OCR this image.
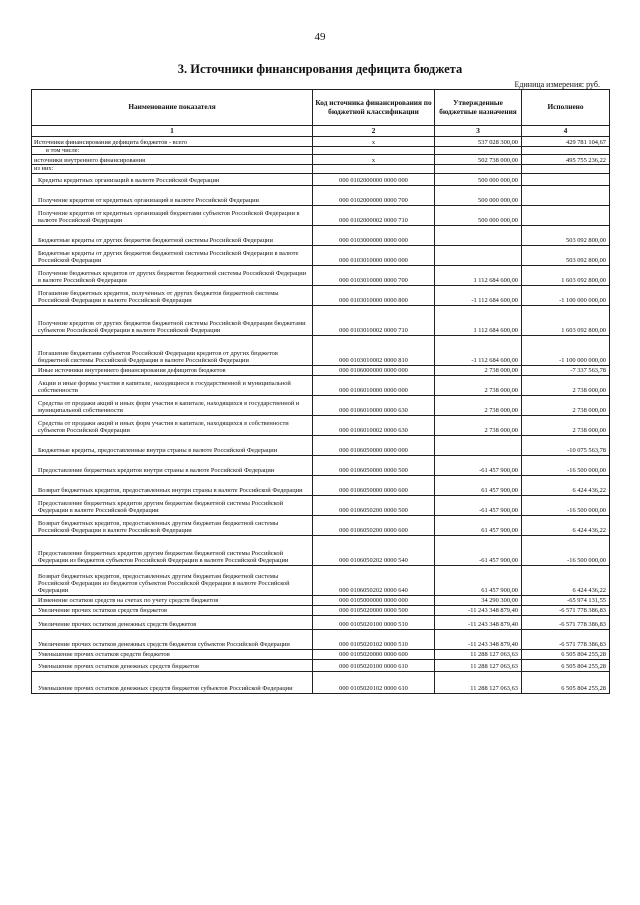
49
3. Источники финансирования дефицита бюджета
Единица измерения: руб.
Наименование показателя	Код источника финансирования по бюджетной классификации	Утвержденные бюджетные назначения	Исполнено
1	2	3	4
Источники финансирования дефицита бюджетов - всего	x	537 028 300,00	429 781 104,67
в том числе:			
источники внутреннего финансирования	x	502 738 000,00	495 755 236,22
из них:			
Кредиты кредитных организаций в валюте Российской Федерации	000 0102000000 0000 000	500 000 000,00	
Получение кредитов от кредитных организаций в валюте Российской Федерации	000 0102000000 0000 700	500 000 000,00	
Получение кредитов от кредитных организаций бюджетами субъектов Российской Федерации в валюте Российской Федерации	000 0102000002 0000 710	500 000 000,00	
Бюджетные кредиты от других бюджетов бюджетной системы Российской Федерации	000 0103000000 0000 000		503 092 800,00
Бюджетные кредиты от других бюджетов бюджетной системы Российской Федерации в валюте Российской Федерации	000 0103010000 0000 000		503 092 800,00
Получение бюджетных кредитов от других бюджетов бюджетной системы Российской Федерации в валюте Российской Федерации	000 0103010000 0000 700	1 112 684 600,00	1 603 092 800,00
Погашение бюджетных кредитов, полученных от других бюджетов бюджетной системы Российской Федерации в валюте Российской Федерации	000 0103010000 0000 800	-1 112 684 600,00	-1 100 000 000,00
Получение кредитов от других бюджетов бюджетной системы Российской Федерации бюджетами субъектов Российской Федерации в валюте Российской Федерации	000 0103010002 0000 710	1 112 684 600,00	1 603 092 800,00
Погашение бюджетами субъектов Российской Федерации кредитов от других бюджетов бюджетной системы Российской Федерации в валюте Российской Федерации	000 0103010002 0000 810	-1 112 684 600,00	-1 100 000 000,00
Иные источники внутреннего финансирования дефицитов бюджетов	000 0106000000 0000 000	2 738 000,00	-7 337 563,78
Акции и иные формы участия в капитале, находящиеся в государственной и муниципальной собственности	000 0106010000 0000 000	2 738 000,00	2 738 000,00
Средства от продажи акций и иных форм участия в капитале, находящихся в государственной и муниципальной собственности	000 0106010000 0000 630	2 738 000,00	2 738 000,00
Средства от продажи акций и иных форм участия в капитале, находящихся в собственности субъектов Российской Федерации	000 0106010002 0000 630	2 738 000,00	2 738 000,00
Бюджетные кредиты, предоставленные внутри страны в валюте Российской Федерации	000 0106050000 0000 000		-10 075 563,78
Предоставление бюджетных кредитов внутри страны в валюте Российской Федерации	000 0106050000 0000 500	-61 457 900,00	-16 500 000,00
Возврат бюджетных кредитов, предоставленных внутри страны в валюте Российской Федерации	000 0106050000 0000 600	61 457 900,00	6 424 436,22
Предоставление бюджетных кредитов другим бюджетам бюджетной системы Российской Федерации в валюте Российской Федерации	000 0106050200 0000 500	-61 457 900,00	-16 500 000,00
Возврат бюджетных кредитов, предоставленных другим бюджетам бюджетной системы Российской Федерации в валюте Российской Федерации	000 0106050200 0000 600	61 457 900,00	6 424 436,22
Предоставление бюджетных кредитов другим бюджетам бюджетной системы Российской Федерации из бюджетов субъектов Российской Федерации в валюте Российской Федерации	000 0106050202 0000 540	-61 457 900,00	-16 500 000,00
Возврат бюджетных кредитов, предоставленных другим бюджетам бюджетной системы Российской Федерации из бюджетов субъектов Российской Федерации в валюте Российской Федерации	000 0106050202 0000 640	61 457 900,00	6 424 436,22
Изменение остатков средств на счетах по учету средств бюджетов	000 0105000000 0000 000	34 290 300,00	-65 974 131,55
Увеличение прочих остатков средств бюджетов	000 0105020000 0000 500	-11 243 348 879,40	-6 571 778 386,83
Увеличение прочих остатков денежных средств бюджетов	000 0105020100 0000 510	-11 243 348 879,40	-6 571 778 386,83
Увеличение прочих остатков денежных средств бюджетов субъектов Российской Федерации	000 0105020102 0000 510	-11 243 348 879,40	-6 571 778 386,83
Уменьшение прочих остатков средств бюджетов	000 0105020000 0000 600	11 288 127 063,63	6 505 804 255,28
Уменьшение прочих остатков денежных средств бюджетов	000 0105020100 0000 610	11 288 127 063,63	6 505 804 255,28
Уменьшение прочих остатков денежных средств бюджетов субъектов Российской Федерации	000 0105020102 0000 610	11 288 127 063,63	6 505 804 255,28
